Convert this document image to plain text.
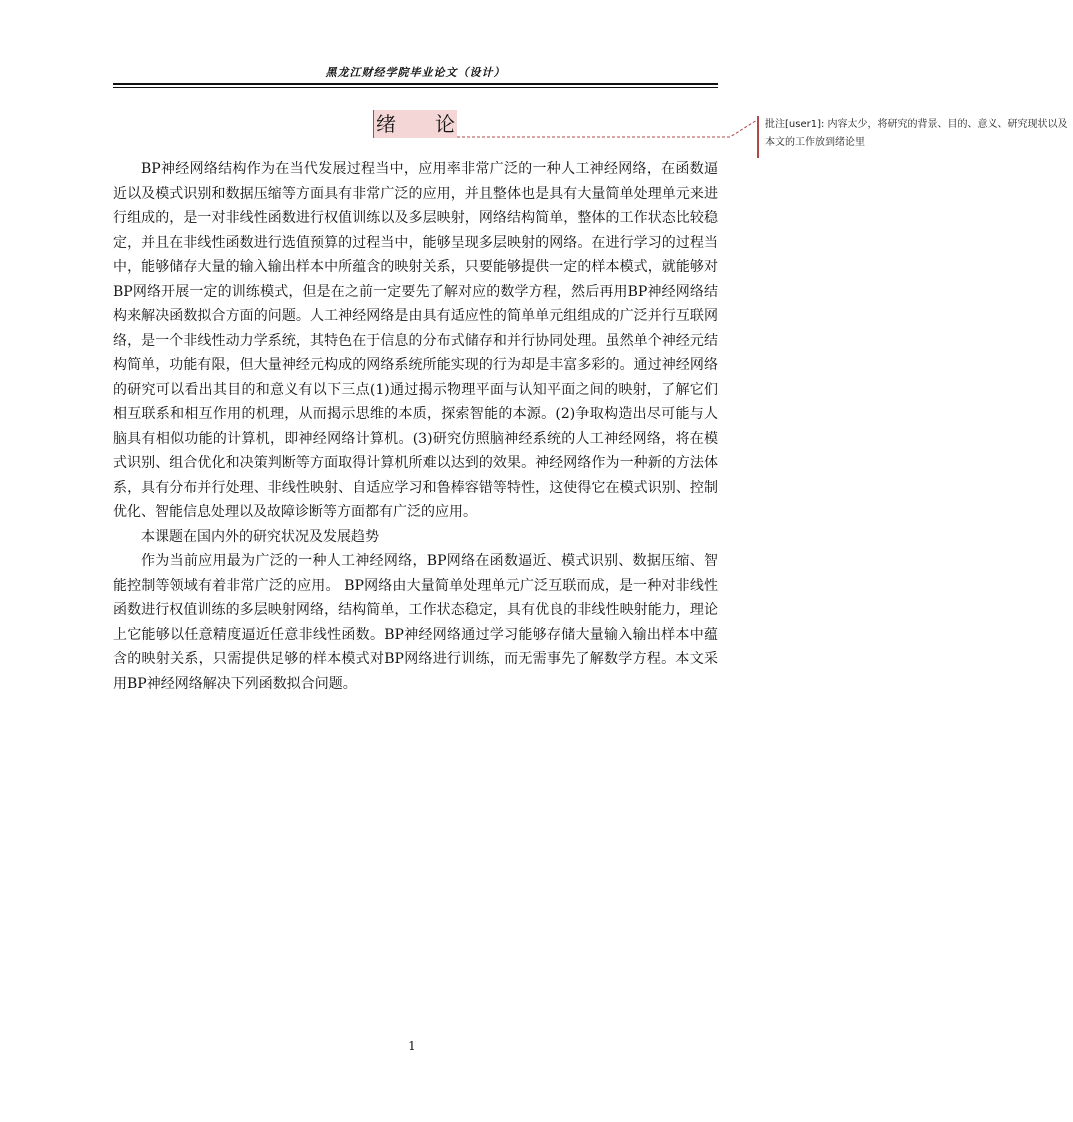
黑龙江财经学院毕业论文（设计）
绪 论	批注[user1]: 内容太少，将研究的背景、目的、意义、研究现状以及本文的工作放到绪论里

BP神经网络结构作为在当代发展过程当中，应用率非常广泛的一种人工神经网络，在函数逼近以及模式识别和数据压缩等方面具有非常广泛的应用，并且整体也是具有大量简单处理单元来进行组成的，是一对非线性函数进行权值训练以及多层映射，网络结构简单，整体的工作状态比较稳定，并且在非线性函数进行选值预算的过程当中，能够呈现多层映射的网络。在进行学习的过程当中，能够储存大量的输入输出样本中所蕴含的映射关系，只要能够提供一定的样本模式，就能够对BP网络开展一定的训练模式，但是在之前一定要先了解对应的数学方程，然后再用BP神经网络结构来解决函数拟合方面的问题。人工神经网络是由具有适应性的简单单元组组成的广泛并行互联网络，是一个非线性动力学系统，其特色在于信息的分布式储存和并行协同处理。虽然单个神经元结构简单，功能有限，但大量神经元构成的网络系统所能实现的行为却是丰富多彩的。通过神经网络的研究可以看出其目的和意义有以下三点(1)通过揭示物理平面与认知平面之间的映射，了解它们相互联系和相互作用的机理，从而揭示思维的本质，探索智能的本源。(2)争取构造出尽可能与人脑具有相似功能的计算机，即神经网络计算机。(3)研究仿照脑神经系统的人工神经网络，将在模式识别、组合优化和决策判断等方面取得计算机所难以达到的效果。神经网络作为一种新的方法体系，具有分布并行处理、非线性映射、自适应学习和鲁棒容错等特性，这使得它在模式识别、控制优化、智能信息处理以及故障诊断等方面都有广泛的应用。

本课题在国内外的研究状况及发展趋势

作为当前应用最为广泛的一种人工神经网络，BP网络在函数逼近、模式识别、数据压缩、智能控制等领域有着非常广泛的应用。 BP网络由大量简单处理单元广泛互联而成，是一种对非线性函数进行权值训练的多层映射网络，结构简单，工作状态稳定，具有优良的非线性映射能力，理论上它能够以任意精度逼近任意非线性函数。BP神经网络通过学习能够存储大量输入输出样本中蕴含的映射关系，只需提供足够的样本模式对BP网络进行训练，而无需事先了解数学方程。本文采用BP神经网络解决下列函数拟合问题。

1
